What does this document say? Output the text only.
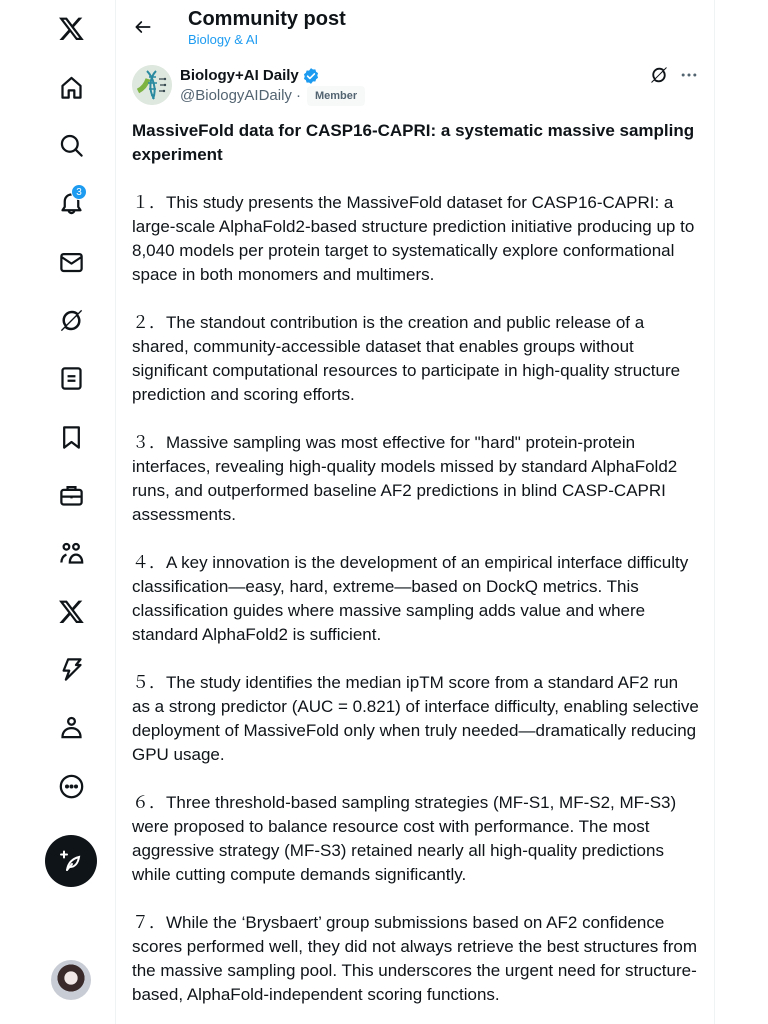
3
Community post
Biology & AI
Biology+AI Daily
@BiologyAIDaily ·	Member
MassiveFold data for CASP16-CAPRI: a systematic massive sampling experiment

１．This study presents the MassiveFold dataset for CASP16-CAPRI: a large-scale AlphaFold2-based structure prediction initiative producing up to 8,040 models per protein target to systematically explore conformational space in both monomers and multimers.

２．The standout contribution is the creation and public release of a shared, community-accessible dataset that enables groups without significant computational resources to participate in high-quality structure prediction and scoring efforts.

３．Massive sampling was most effective for "hard" protein-protein interfaces, revealing high-quality models missed by standard AlphaFold2 runs, and outperformed baseline AF2 predictions in blind CASP-CAPRI assessments.

４．A key innovation is the development of an empirical interface difficulty classification—easy, hard, extreme—based on DockQ metrics. This classification guides where massive sampling adds value and where standard AlphaFold2 is sufficient.

５．The study identifies the median ipTM score from a standard AF2 run as a strong predictor (AUC = 0.821) of interface difficulty, enabling selective deployment of MassiveFold only when truly needed—dramatically reducing GPU usage.

６．Three threshold-based sampling strategies (MF-S1, MF-S2, MF-S3) were proposed to balance resource cost with performance. The most aggressive strategy (MF-S3) retained nearly all high-quality predictions while cutting compute demands significantly.

７．While the ‘Brysbaert’ group submissions based on AF2 confidence scores performed well, they did not always retrieve the best structures from the massive sampling pool. This underscores the urgent need for structure-based, AlphaFold-independent scoring functions.
